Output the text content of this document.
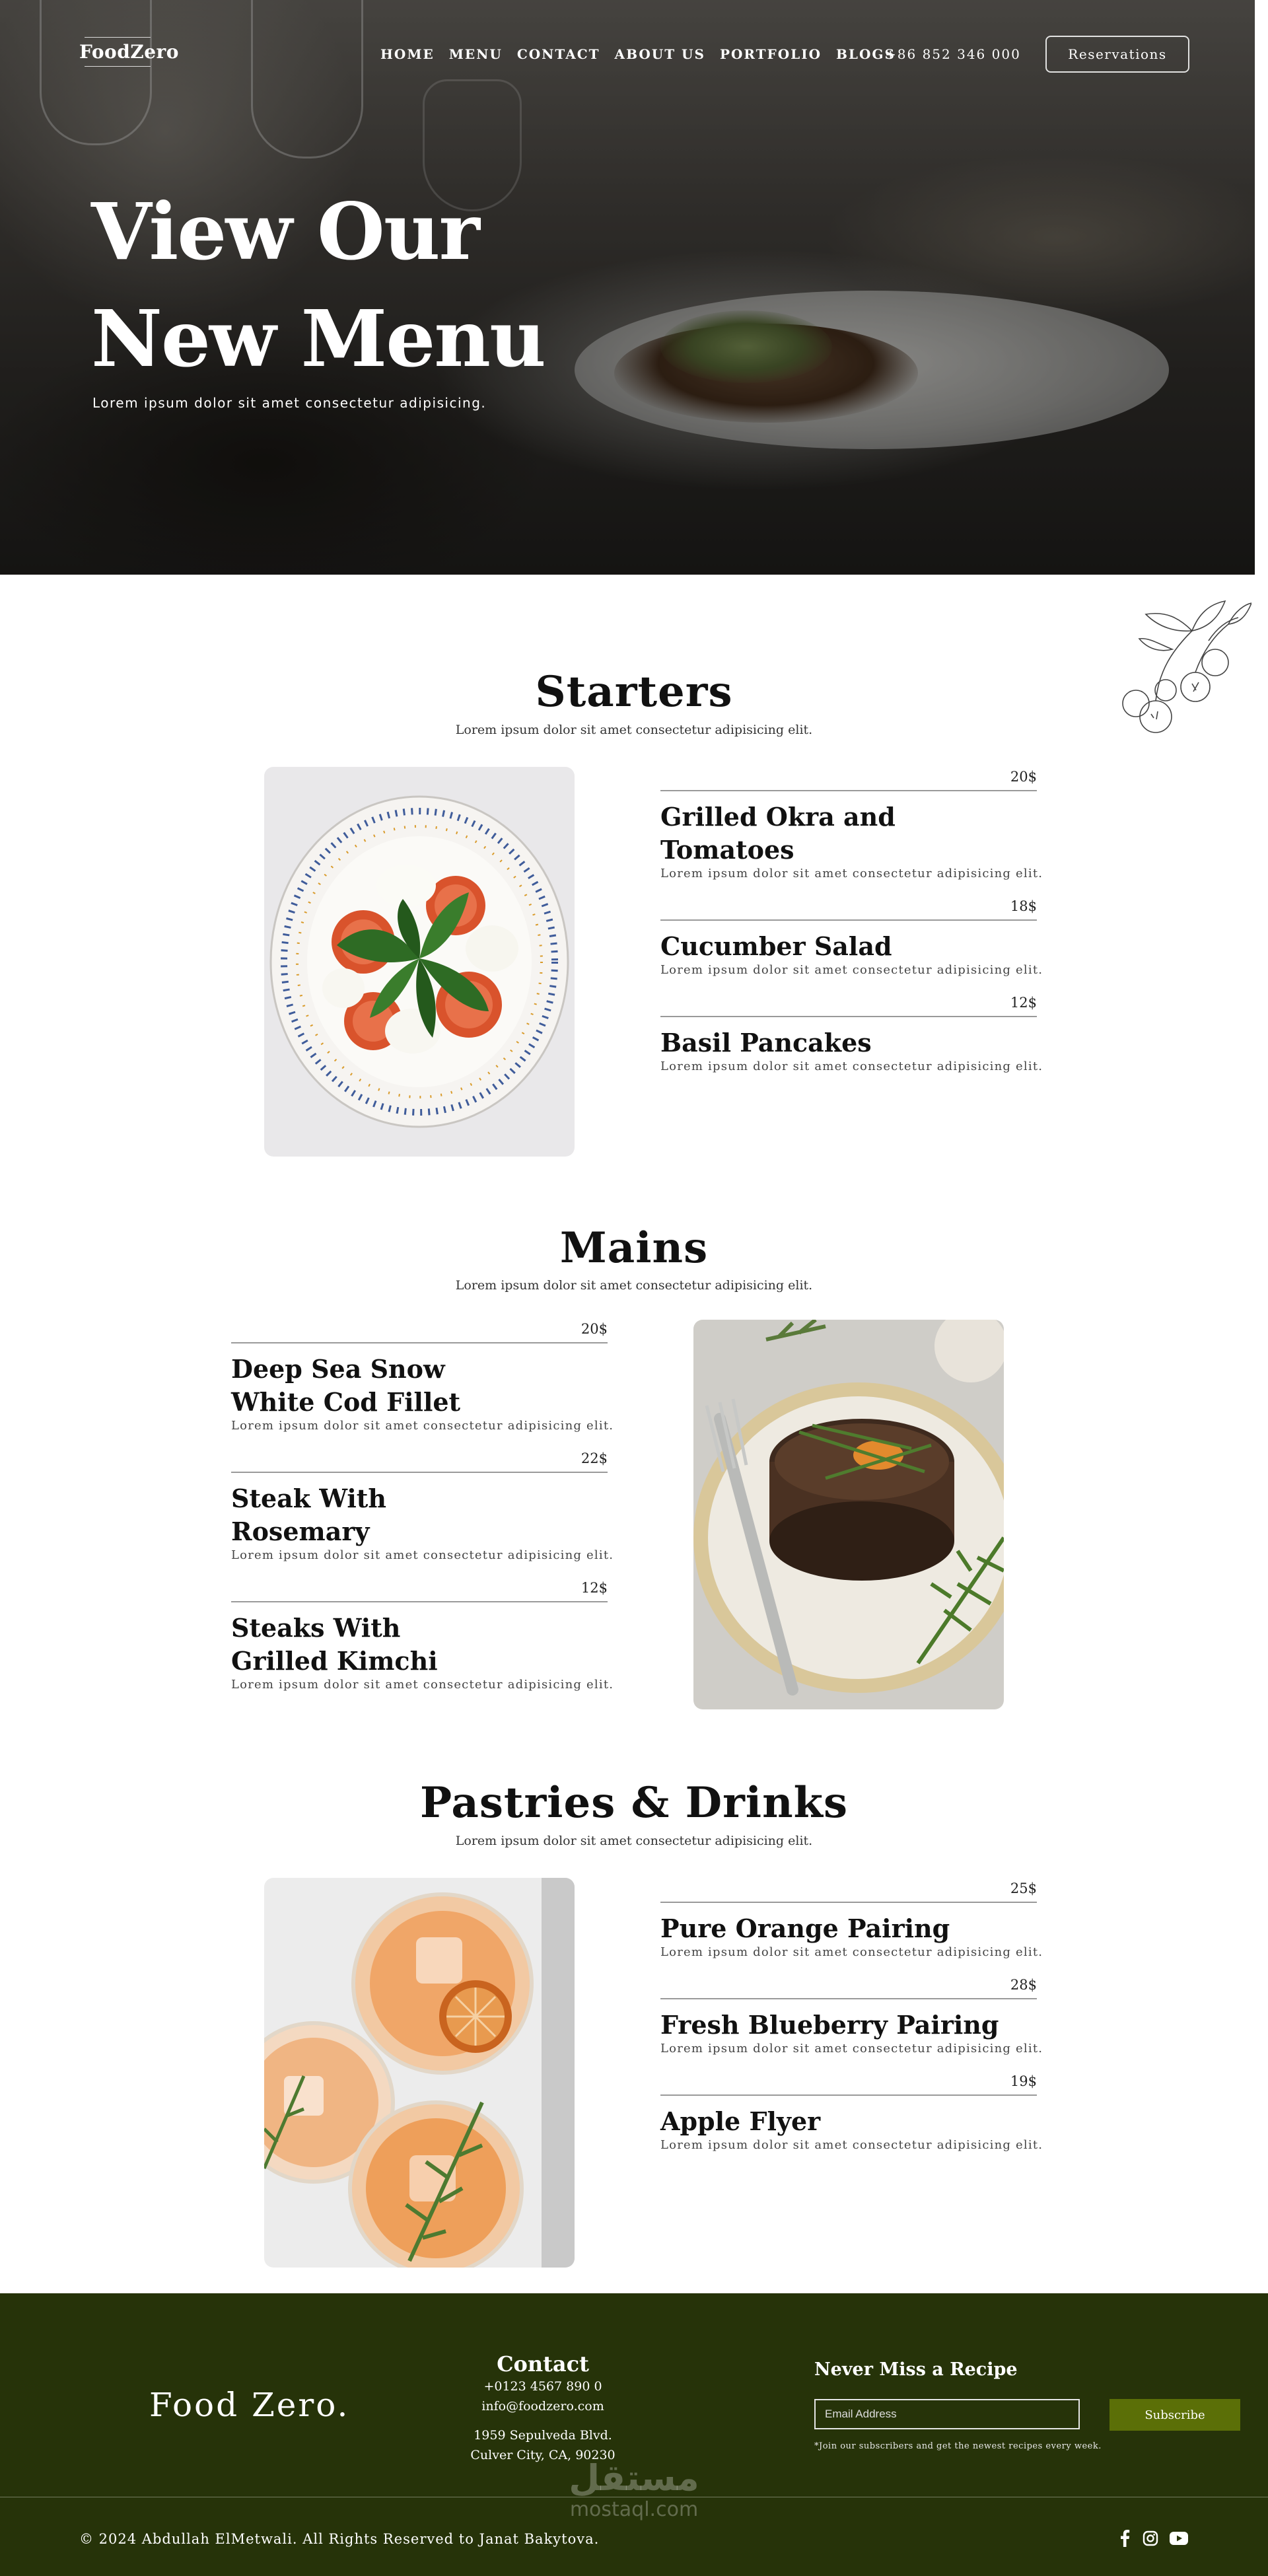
FoodZero	HOME MENU CONTACT ABOUT US PORTFOLIO BLOGS
+86 852 346 000	Reservations
View Our
New Menu

Lorem ipsum dolor sit amet consectetur adipisicing.

Starters

Lorem ipsum dolor sit amet consectetur adipisicing elit.

20$
Grilled Okra and Tomatoes
Lorem ipsum dolor sit amet consectetur adipisicing elit.
18$
Cucumber Salad
Lorem ipsum dolor sit amet consectetur adipisicing elit.
12$
Basil Pancakes
Lorem ipsum dolor sit amet consectetur adipisicing elit.
Mains

Lorem ipsum dolor sit amet consectetur adipisicing elit.

20$
Deep Sea Snow White Cod Fillet
Lorem ipsum dolor sit amet consectetur adipisicing elit.
22$
Steak With Rosemary
Lorem ipsum dolor sit amet consectetur adipisicing elit.
12$
Steaks With Grilled Kimchi
Lorem ipsum dolor sit amet consectetur adipisicing elit.
Pastries & Drinks

Lorem ipsum dolor sit amet consectetur adipisicing elit.

25$
Pure Orange Pairing
Lorem ipsum dolor sit amet consectetur adipisicing elit.
28$
Fresh Blueberry Pairing
Lorem ipsum dolor sit amet consectetur adipisicing elit.
19$
Apple Flyer
Lorem ipsum dolor sit amet consectetur adipisicing elit.
Food Zero.
Contact
+0123 4567 890 0
info@foodzero.com
1959 Sepulveda Blvd.
Culver City, CA, 90230
Never Miss a Recipe
Email Address
Subscribe
*Join our subscribers and get the newest recipes every week.
مستقل
mostaql.com
© 2024 Abdullah ElMetwali. All Rights Reserved to Janat Bakytova.
